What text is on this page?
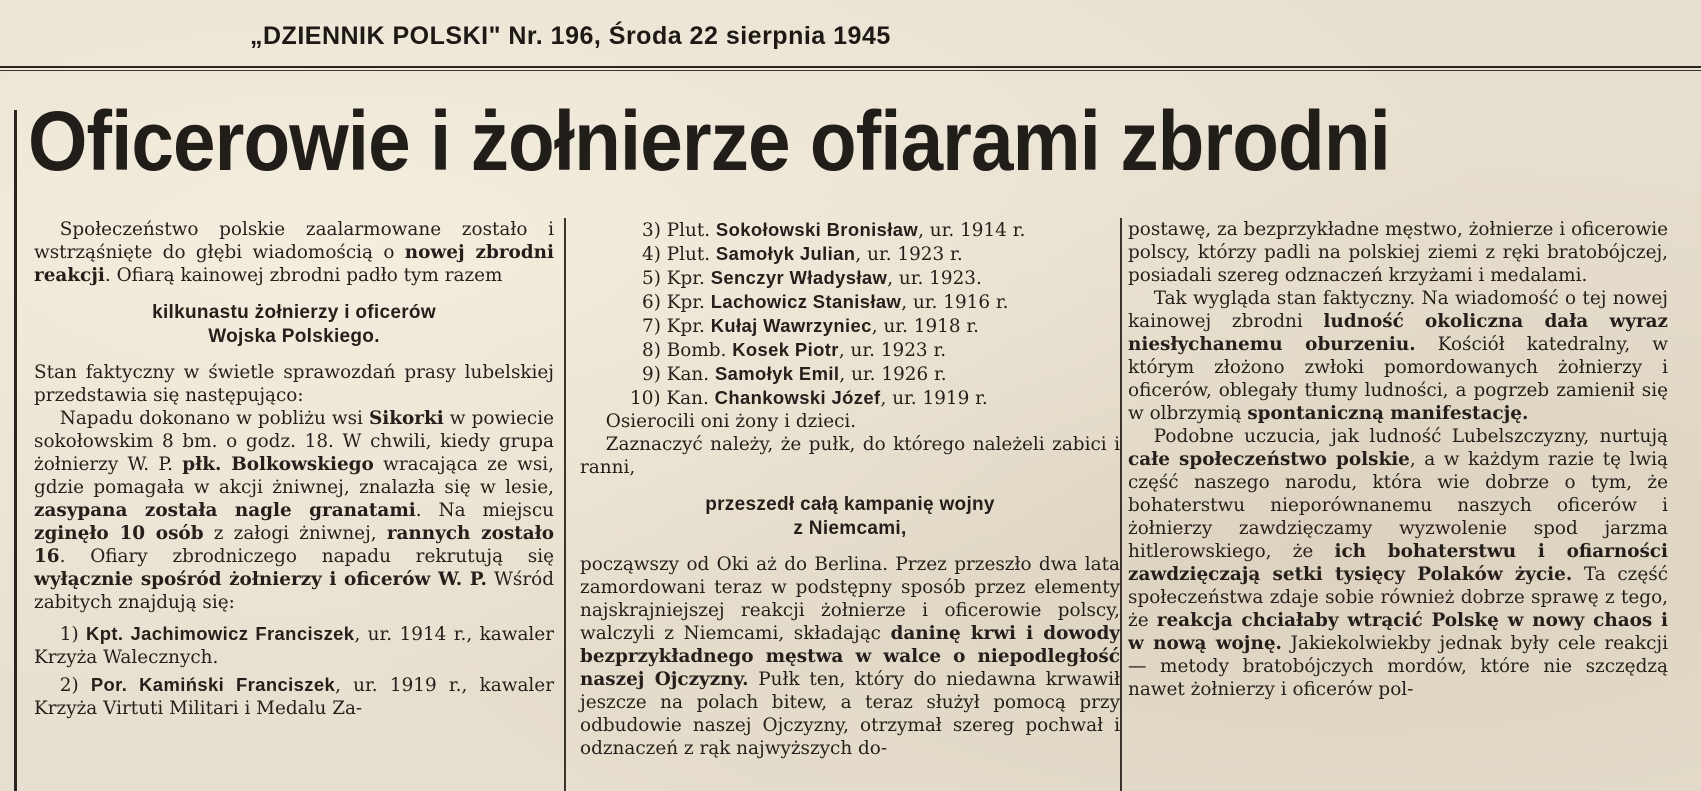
„DZIENNIK POLSKI" Nr. 196, Środa 22 sierpnia 1945
Oficerowie i żołnierze ofiarami zbrodni

Społeczeństwo polskie zaalarmowane zostało i wstrząśnięte do głębi wiadomością o nowej zbrodni reakcji. Ofiarą kainowej zbrodni padło tym razem

kilkunastu żołnierzy i oficerów
Wojska Polskiego.

Stan faktyczny w świetle sprawozdań prasy lubelskiej przedstawia się następująco:

Napadu dokonano w pobliżu wsi Sikorki w powiecie sokołowskim 8 bm. o godz. 18. W chwili, kiedy grupa żołnierzy W. P. płk. Bolkowskiego wracająca ze wsi, gdzie pomagała w akcji żniwnej, znalazła się w lesie, zasypana została nagle granatami. Na miejscu zginęło 10 osób z załogi żniwnej, rannych zostało 16. Ofiary zbrodniczego napadu rekrutują się wyłącznie spośród żołnierzy i oficerów W. P. Wśród zabitych znajdują się:

1) Kpt. Jachimowicz Franciszek, ur. 1914 r., kawaler Krzyża Walecznych.

2) Por. Kamiński Franciszek, ur. 1919 r., kawaler Krzyża Virtuti Militari i Medalu Za-

3) Plut. Sokołowski Bronisław, ur. 1914 r.
4) Plut. Samołyk Julian, ur. 1923 r.
5) Kpr. Senczyr Władysław, ur. 1923.
6) Kpr. Lachowicz Stanisław, ur. 1916 r.
7) Kpr. Kułaj Wawrzyniec, ur. 1918 r.
8) Bomb. Kosek Piotr, ur. 1923 r.
9) Kan. Samołyk Emil, ur. 1926 r.
10) Kan. Chankowski Józef, ur. 1919 r.

Osierocili oni żony i dzieci.

Zaznaczyć należy, że pułk, do którego należeli zabici i ranni,

przeszedł całą kampanię wojny
z Niemcami,

począwszy od Oki aż do Berlina. Przez przeszło dwa lata zamordowani teraz w podstępny sposób przez elementy najskrajniejszej reakcji żołnierze i oficerowie polscy, walczyli z Niemcami, składając daninę krwi i dowody bezprzykładnego męstwa w walce o niepodległość naszej Ojczyzny. Pułk ten, który do niedawna krwawił jeszcze na polach bitew, a teraz służył pomocą przy odbudowie naszej Ojczyzny, otrzymał szereg pochwał i odznaczeń z rąk najwyższych do-

postawę, za bezprzykładne męstwo, żołnierze i oficerowie polscy, którzy padli na polskiej ziemi z ręki bratobójczej, posiadali szereg odznaczeń krzyżami i medalami.

Tak wygląda stan faktyczny. Na wiadomość o tej nowej kainowej zbrodni ludność okoliczna dała wyraz niesłychanemu oburzeniu. Kościół katedralny, w którym złożono zwłoki pomordowanych żołnierzy i oficerów, oblegały tłumy ludności, a pogrzeb zamienił się w olbrzymią spontaniczną manifestację.

Podobne uczucia, jak ludność Lubelszczyzny, nurtują całe społeczeństwo polskie, a w każdym razie tę lwią część naszego narodu, która wie dobrze o tym, że bohaterstwu nieporównanemu naszych oficerów i żołnierzy zawdzięczamy wyzwolenie spod jarzma hitlerowskiego, że ich bohaterstwu i ofiarności zawdzięczają setki tysięcy Polaków życie. Ta część społeczeństwa zdaje sobie również dobrze sprawę z tego, że reakcja chciałaby wtrącić Polskę w nowy chaos i w nową wojnę. Jakiekolwiekby jednak były cele reakcji — metody bratobójczych mordów, które nie szczędzą nawet żołnierzy i oficerów pol-
